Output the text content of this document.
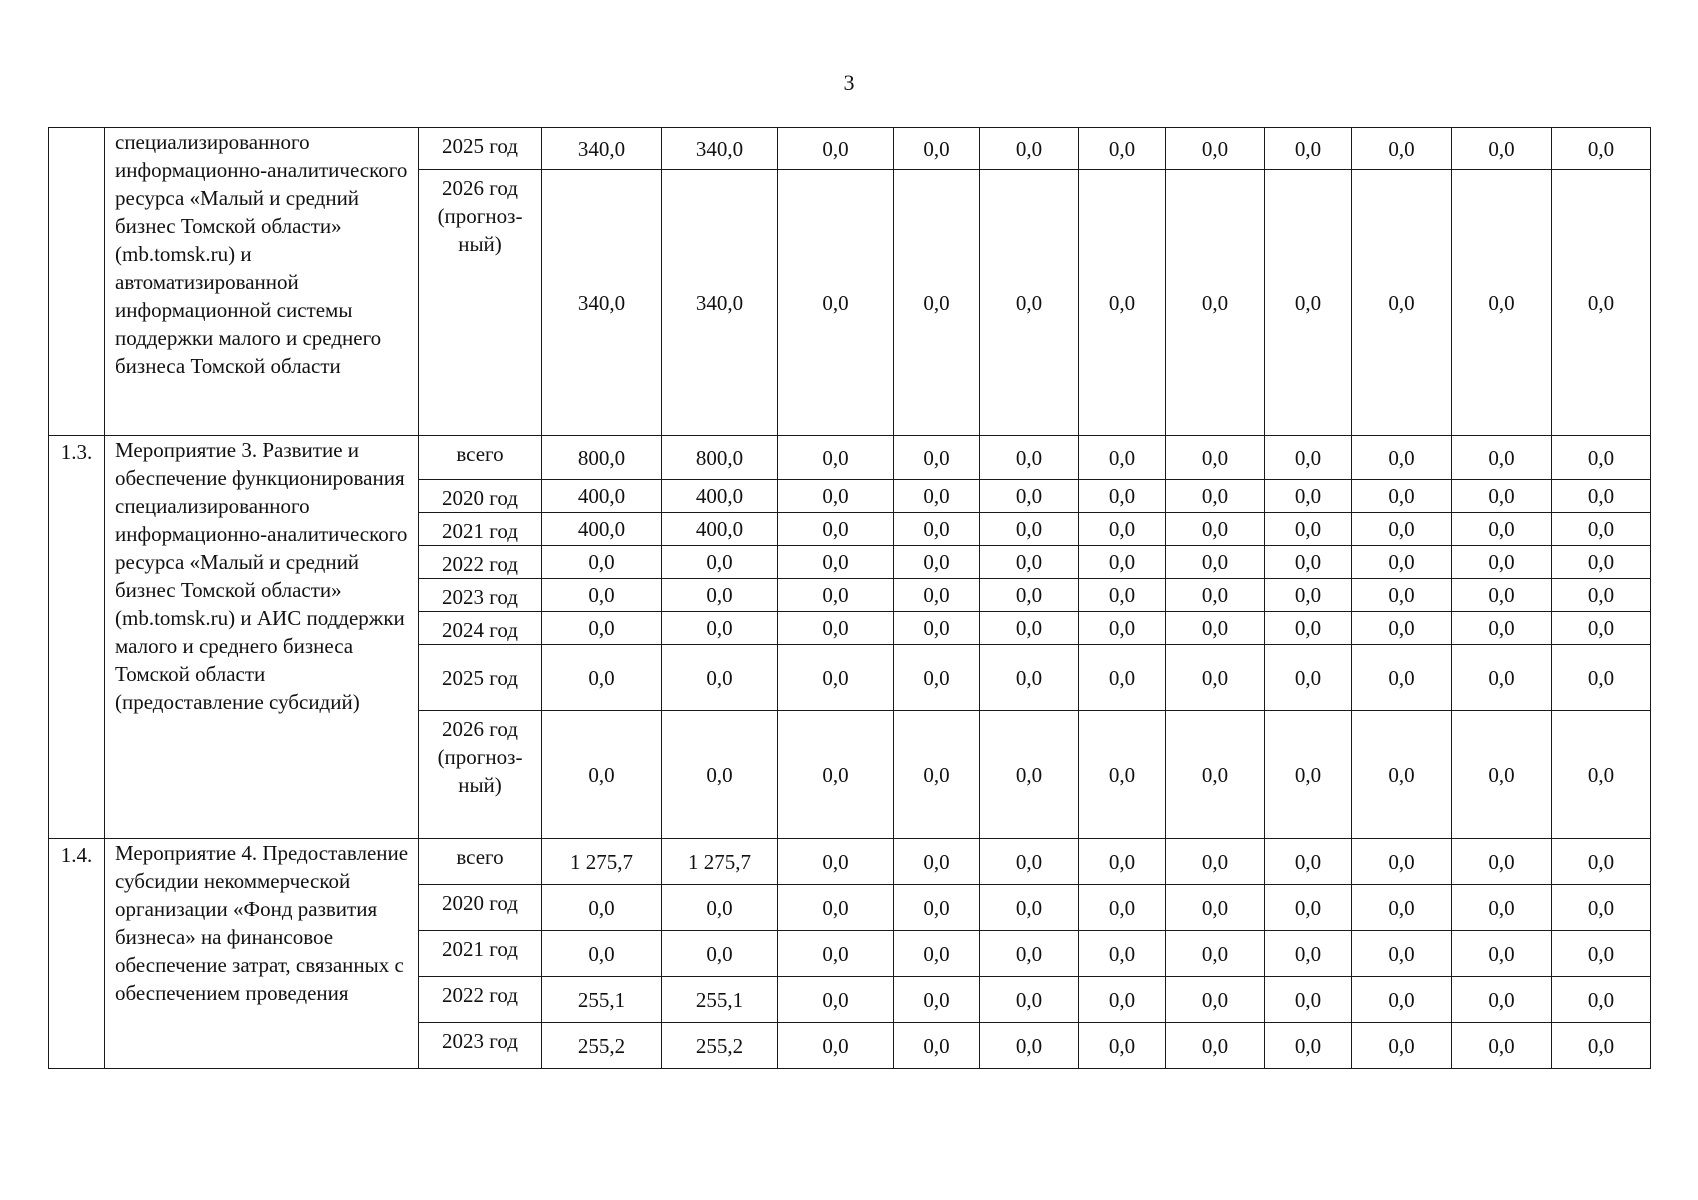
3
	специализированного информационно-аналитического ресурса «Малый и средний бизнес Томской области» (mb.tomsk.ru) и автоматизированной информационной системы поддержки малого и среднего бизнеса Томской области	2025 год	340,0	340,0	0,0	0,0	0,0	0,0	0,0	0,0	0,0	0,0	0,0
		2026 год (прогноз-ный)	340,0	340,0	0,0	0,0	0,0	0,0	0,0	0,0	0,0	0,0	0,0
1.3.	Мероприятие 3. Развитие и обеспечение функционирования специализированного информационно-аналитического ресурса «Малый и средний бизнес Томской области» (mb.tomsk.ru) и АИС поддержки малого и среднего бизнеса Томской области (предоставление субсидий)	всего	800,0	800,0	0,0	0,0	0,0	0,0	0,0	0,0	0,0	0,0	0,0
		2020 год	400,0	400,0	0,0	0,0	0,0	0,0	0,0	0,0	0,0	0,0	0,0
		2021 год	400,0	400,0	0,0	0,0	0,0	0,0	0,0	0,0	0,0	0,0	0,0
		2022 год	0,0	0,0	0,0	0,0	0,0	0,0	0,0	0,0	0,0	0,0	0,0
		2023 год	0,0	0,0	0,0	0,0	0,0	0,0	0,0	0,0	0,0	0,0	0,0
		2024 год	0,0	0,0	0,0	0,0	0,0	0,0	0,0	0,0	0,0	0,0	0,0
		2025 год	0,0	0,0	0,0	0,0	0,0	0,0	0,0	0,0	0,0	0,0	0,0
		2026 год (прогноз-ный)	0,0	0,0	0,0	0,0	0,0	0,0	0,0	0,0	0,0	0,0	0,0
1.4.	Мероприятие 4. Предоставление субсидии некоммерческой организации «Фонд развития бизнеса» на финансовое обеспечение затрат, связанных с обеспечением проведения	всего	1 275,7	1 275,7	0,0	0,0	0,0	0,0	0,0	0,0	0,0	0,0	0,0
		2020 год	0,0	0,0	0,0	0,0	0,0	0,0	0,0	0,0	0,0	0,0	0,0
		2021 год	0,0	0,0	0,0	0,0	0,0	0,0	0,0	0,0	0,0	0,0	0,0
		2022 год	255,1	255,1	0,0	0,0	0,0	0,0	0,0	0,0	0,0	0,0	0,0
		2023 год	255,2	255,2	0,0	0,0	0,0	0,0	0,0	0,0	0,0	0,0	0,0
